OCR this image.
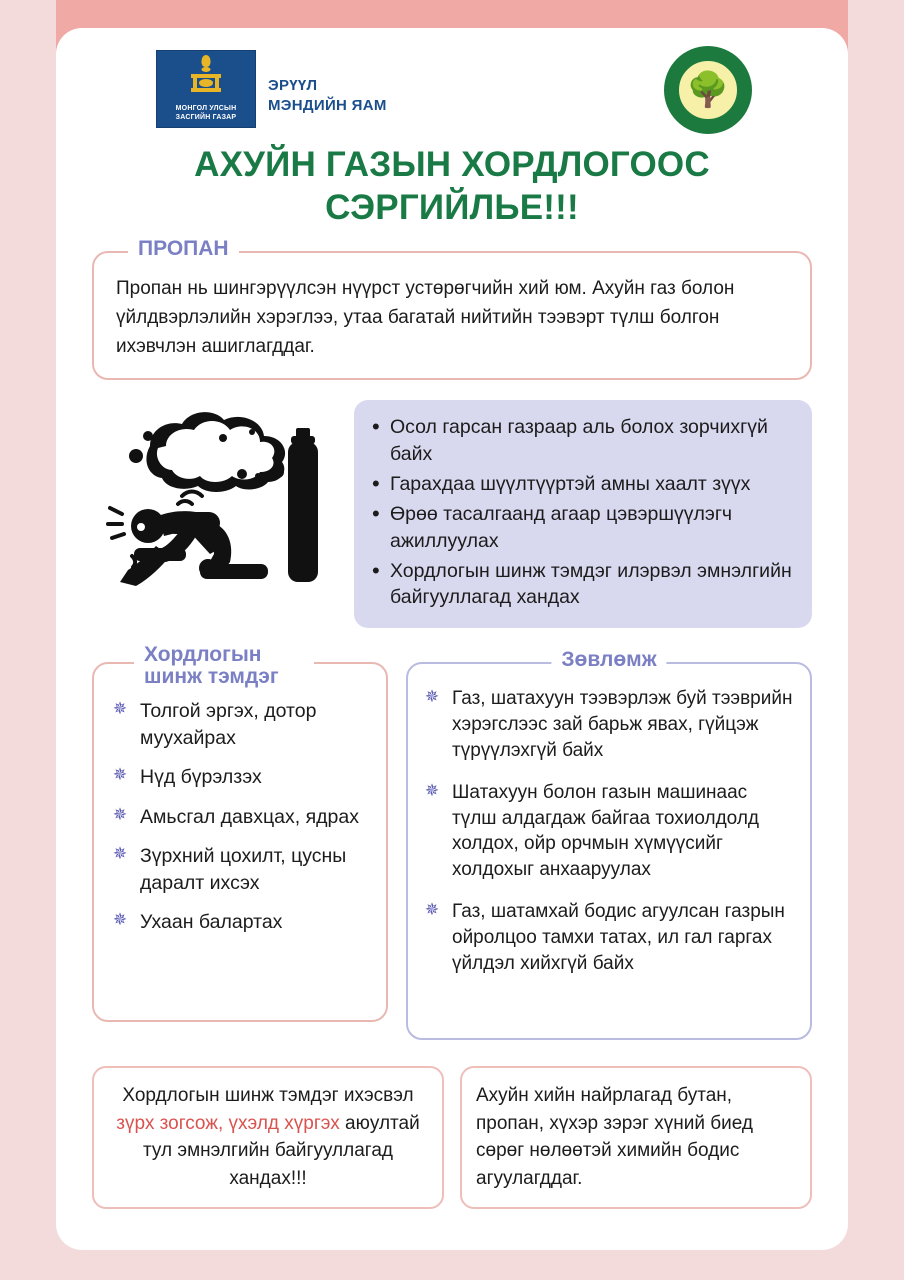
МОНГОЛ УЛСЫН
ЗАСГИЙН ГАЗАР
ЭРҮҮЛ
МЭНДИЙН ЯАМ	🌳
АХУЙН ГАЗЫН ХОРДЛОГООС СЭРГИЙЛЬЕ!!!
ПРОПАН
Пропан нь шингэрүүлсэн нүүрст устөрөгчийн хий юм. Ахуйн газ болон үйлдвэрлэлийн хэрэглээ, утаа багатай нийтийн тээвэрт түлш болгон ихэвчлэн ашиглагддаг.
• Осол гарсан газраар аль болох зорчихгүй байх
• Гарахдаа шүүлтүүртэй амны хаалт зүүх
• Өрөө тасалгаанд агаар цэвэршүүлэгч ажиллуулах
• Хордлогын шинж тэмдэг илэрвэл эмнэлгийн байгууллагад хандах
Хордлогын
шинж тэмдэг
✵ Толгой эргэх, дотор муухайрах
✵ Нүд бүрэлзэх
✵ Амьсгал давхцах, ядрах
✵ Зүрхний цохилт, цусны даралт ихсэх
✵ Ухаан балартах
Зөвлөмж
✵ Газ, шатахуун тээвэрлэж буй тээврийн хэрэгслээс зай барьж явах, гүйцэж түрүүлэхгүй байх
✵ Шатахуун болон газын машинаас түлш алдагдаж байгаа тохиолдолд холдох, ойр орчмын хүмүүсийг холдохыг анхааруулах
✵ Газ, шатамхай бодис агуулсан газрын ойролцоо тамхи татах, ил гал гаргах үйлдэл хийхгүй байх
Хордлогын шинж тэмдэг ихэсвэл зүрх зогсож, үхэлд хүргэх аюултай тул эмнэлгийн байгууллагад хандах!!!
Ахуйн хийн найрлагад бутан, пропан, хүхэр зэрэг хүний биед сөрөг нөлөөтэй химийн бодис агуулагддаг.
